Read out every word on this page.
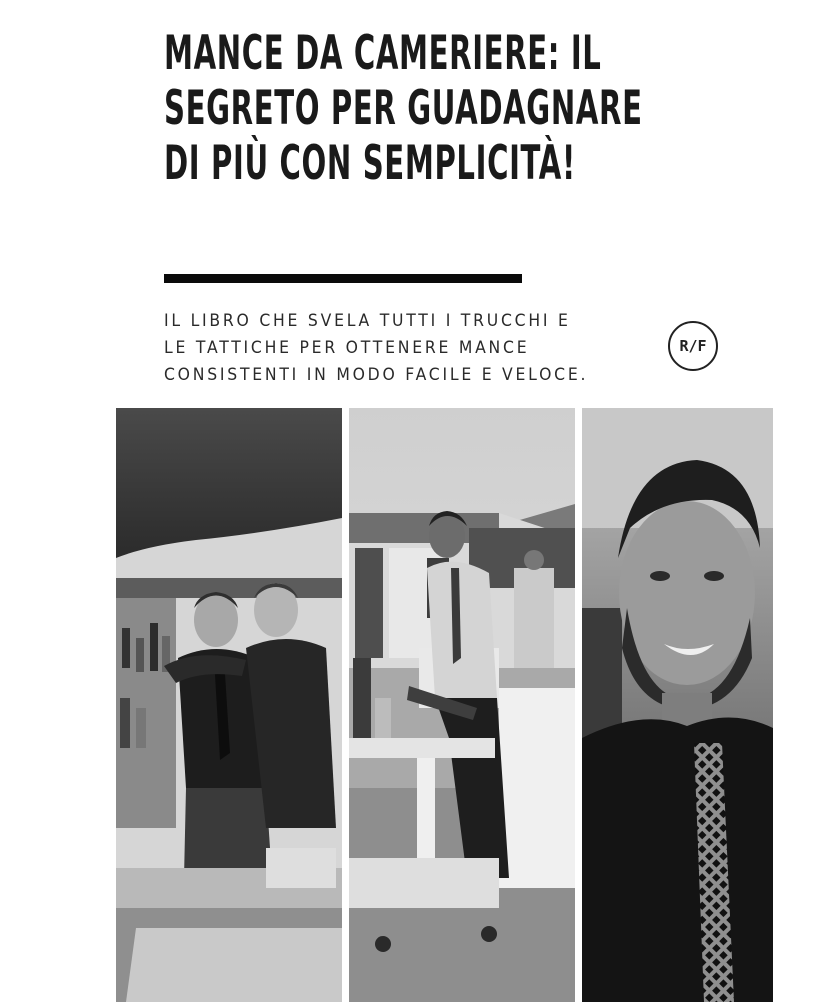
MANCE DA CAMERIERE: IL
SEGRETO PER GUADAGNARE
DI PIÙ CON SEMPLICITÀ!

IL LIBRO CHE SVELA TUTTI I TRUCCHI E
LE TATTICHE PER OTTENERE MANCE
CONSISTENTI IN MODO FACILE E VELOCE.

R/F
